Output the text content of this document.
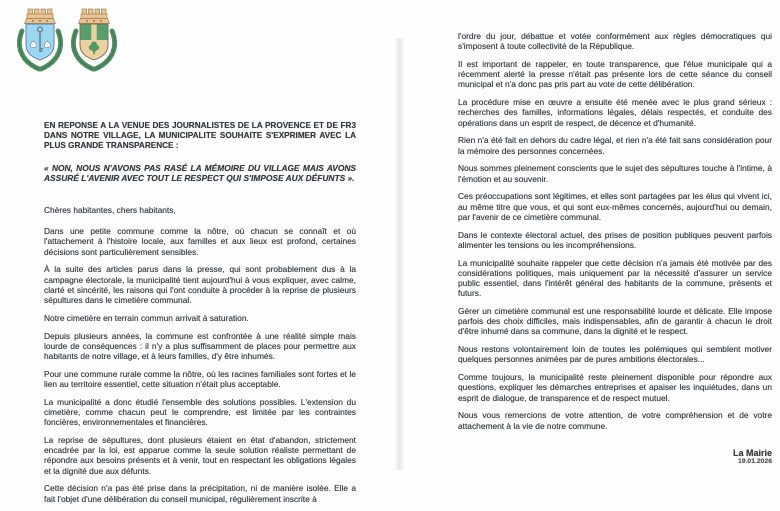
EN REPONSE A LA VENUE DES JOURNALISTES DE LA PROVENCE ET DE FR3 DANS NOTRE VILLAGE, LA MUNICIPALITE SOUHAITE S'EXPRIMER AVEC LA PLUS GRANDE TRANSPARENCE :

« NON, NOUS N'AVONS PAS RASÉ LA MÉMOIRE DU VILLAGE MAIS AVONS ASSURÉ L'AVENIR AVEC TOUT LE RESPECT QUI S'IMPOSE AUX DÉFUNTS ».

Chères habitantes, chers habitants,

Dans une petite commune comme la nôtre, où chacun se connaît et où l'attachement à l'histoire locale, aux familles et aux lieux est profond, certaines décisions sont particulièrement sensibles.

À la suite des articles parus dans la presse, qui sont probablement dus à la campagne électorale, la municipalité tient aujourd'hui à vous expliquer, avec calme, clarté et sincérité, les raisons qui l'ont conduite à procéder à la reprise de plusieurs sépultures dans le cimetière communal.

Notre cimetière en terrain commun arrivait à saturation.

Depuis plusieurs années, la commune est confrontée à une réalité simple mais lourde de conséquences : il n'y a plus suffisamment de places pour permettre aux habitants de notre village, et à leurs familles, d'y être inhumés.

Pour une commune rurale comme la nôtre, où les racines familiales sont fortes et le lien au territoire essentiel, cette situation n'était plus acceptable.

La municipalité a donc étudié l'ensemble des solutions possibles. L'extension du cimetière, comme chacun peut le comprendre, est limitée par les contraintes foncières, environnementales et financières.

La reprise de sépultures, dont plusieurs étaient en état d'abandon, strictement encadrée par la loi, est apparue comme la seule solution réaliste permettant de répondre aux besoins présents et à venir, tout en respectant les obligations légales et la dignité due aux défunts.

Cette décision n'a pas été prise dans la précipitation, ni de manière isolée. Elle a fait l'objet d'une délibération du conseil municipal, régulièrement inscrite à

l'ordre du jour, débattue et votée conformément aux règles démocratiques qui s'imposent à toute collectivité de la République.

Il est important de rappeler, en toute transparence, que l'élue municipale qui a récemment alerté la presse n'était pas présente lors de cette séance du conseil municipal et n'a donc pas pris part au vote de cette délibération.

La procédure mise en œuvre a ensuite été menée avec le plus grand sérieux : recherches des familles, informations légales, délais respectés, et conduite des opérations dans un esprit de respect, de décence et d'humanité.

Rien n'a été fait en dehors du cadre légal, et rien n'a été fait sans considération pour la mémoire des personnes concernées.

Nous sommes pleinement conscients que le sujet des sépultures touche à l'intime, à l'émotion et au souvenir.

Ces préoccupations sont légitimes, et elles sont partagées par les élus qui vivent ici, au même titre que vous, et qui sont eux-mêmes concernés, aujourd'hui ou demain, par l'avenir de ce cimetière communal.

Dans le contexte électoral actuel, des prises de position publiques peuvent parfois alimenter les tensions ou les incompréhensions.

La municipalité souhaite rappeler que cette décision n'a jamais été motivée par des considérations politiques, mais uniquement par la nécessité d'assurer un service public essentiel, dans l'intérêt général des habitants de la commune, présents et futurs.

Gérer un cimetière communal est une responsabilité lourde et délicate. Elle impose parfois des choix difficiles, mais indispensables, afin de garantir à chacun le droit d'être inhumé dans sa commune, dans la dignité et le respect.

Nous restons volontairement loin de toutes les polémiques qui semblent motiver quelques personnes animées par de pures ambitions électorales...

Comme toujours, la municipalité reste pleinement disponible pour répondre aux questions, expliquer les démarches entreprises et apaiser les inquiétudes, dans un esprit de dialogue, de transparence et de respect mutuel.

Nous vous remercions de votre attention, de votre compréhension et de votre attachement à la vie de notre commune.

La Mairie
19.01.2026
